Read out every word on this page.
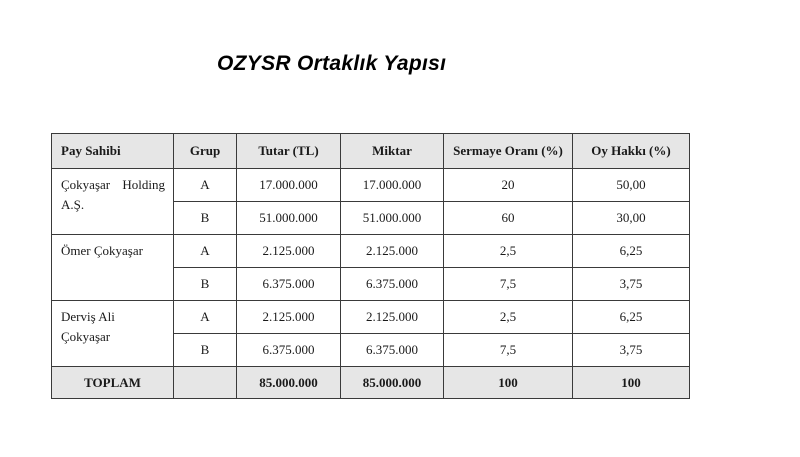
OZYSR Ortaklık Yapısı
Pay Sahibi	Grup	Tutar (TL)	Miktar	Sermaye Oranı (%)	Oy Hakkı (%)
Çokyaşar Holding A.Ş.	A	17.000.000	17.000.000	20	50,00
	B	51.000.000	51.000.000	60	30,00
Ömer Çokyaşar	A	2.125.000	2.125.000	2,5	6,25
	B	6.375.000	6.375.000	7,5	3,75
Derviş Ali Çokyaşar	A	2.125.000	2.125.000	2,5	6,25
	B	6.375.000	6.375.000	7,5	3,75
TOPLAM		85.000.000	85.000.000	100	100
